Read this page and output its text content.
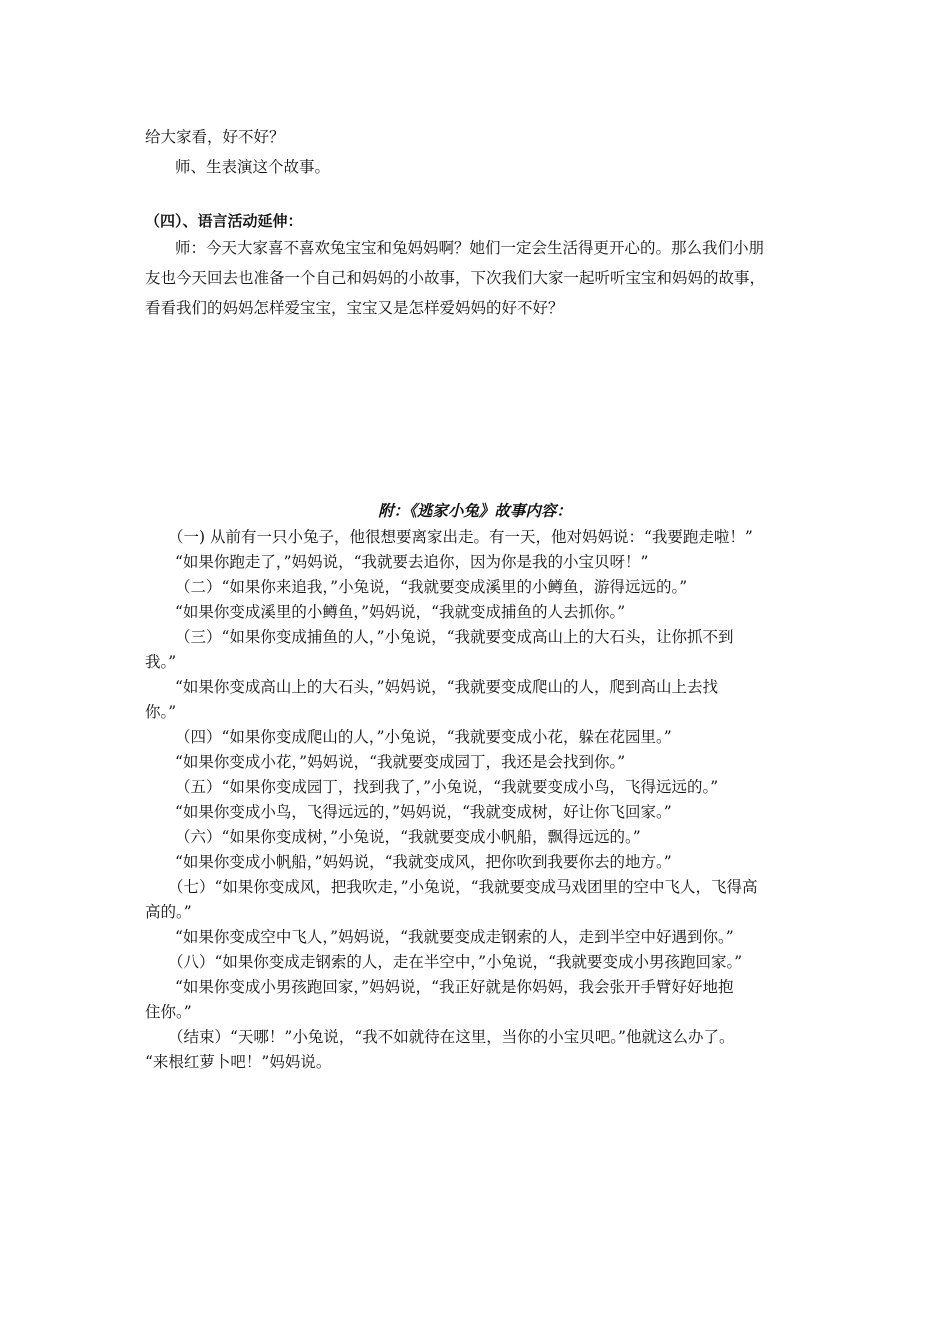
给大家看，好不好？
师、生表演这个故事。
（四）、语言活动延伸：
师：今天大家喜不喜欢兔宝宝和兔妈妈啊？她们一定会生活得更开心的。那么我们小朋
友也今天回去也准备一个自己和妈妈的小故事，下次我们大家一起听听宝宝和妈妈的故事，
看看我们的妈妈怎样爱宝宝，宝宝又是怎样爱妈妈的好不好？
附：《逃家小兔》故事内容：
（一) 从前有一只小兔子，他很想要离家出走。有一天，他对妈妈说：“我要跑走啦！”
“如果你跑走了，”妈妈说，“我就要去追你，因为你是我的小宝贝呀！”
（二）“如果你来追我，”小兔说，“我就要变成溪里的小鳟鱼，游得远远的。”
“如果你变成溪里的小鳟鱼，”妈妈说，“我就变成捕鱼的人去抓你。”
（三）“如果你变成捕鱼的人，”小兔说，“我就要变成高山上的大石头，让你抓不到
我。”
“如果你变成高山上的大石头，”妈妈说，“我就要变成爬山的人，爬到高山上去找
你。”
（四）“如果你变成爬山的人，”小兔说，“我就要变成小花，躲在花园里。”
“如果你变成小花，”妈妈说，“我就要变成园丁，我还是会找到你。”
（五）“如果你变成园丁，找到我了，”小兔说，“我就要变成小鸟，飞得远远的。”
“如果你变成小鸟，飞得远远的，”妈妈说，“我就变成树，好让你飞回家。”
（六）“如果你变成树，”小兔说，“我就要变成小帆船，飘得远远的。”
“如果你变成小帆船，”妈妈说，“我就变成风，把你吹到我要你去的地方。”
（七）“如果你变成风，把我吹走，”小兔说，“我就要变成马戏团里的空中飞人，飞得高
高的。”
“如果你变成空中飞人，”妈妈说，“我就要变成走钢索的人，走到半空中好遇到你。”
（八）“如果你变成走钢索的人，走在半空中，”小兔说，“我就要变成小男孩跑回家。”
“如果你变成小男孩跑回家，”妈妈说，“我正好就是你妈妈，我会张开手臂好好地抱
住你。”
（结束）“天哪！”小兔说，“我不如就待在这里，当你的小宝贝吧。”他就这么办了。
“来根红萝卜吧！”妈妈说。
